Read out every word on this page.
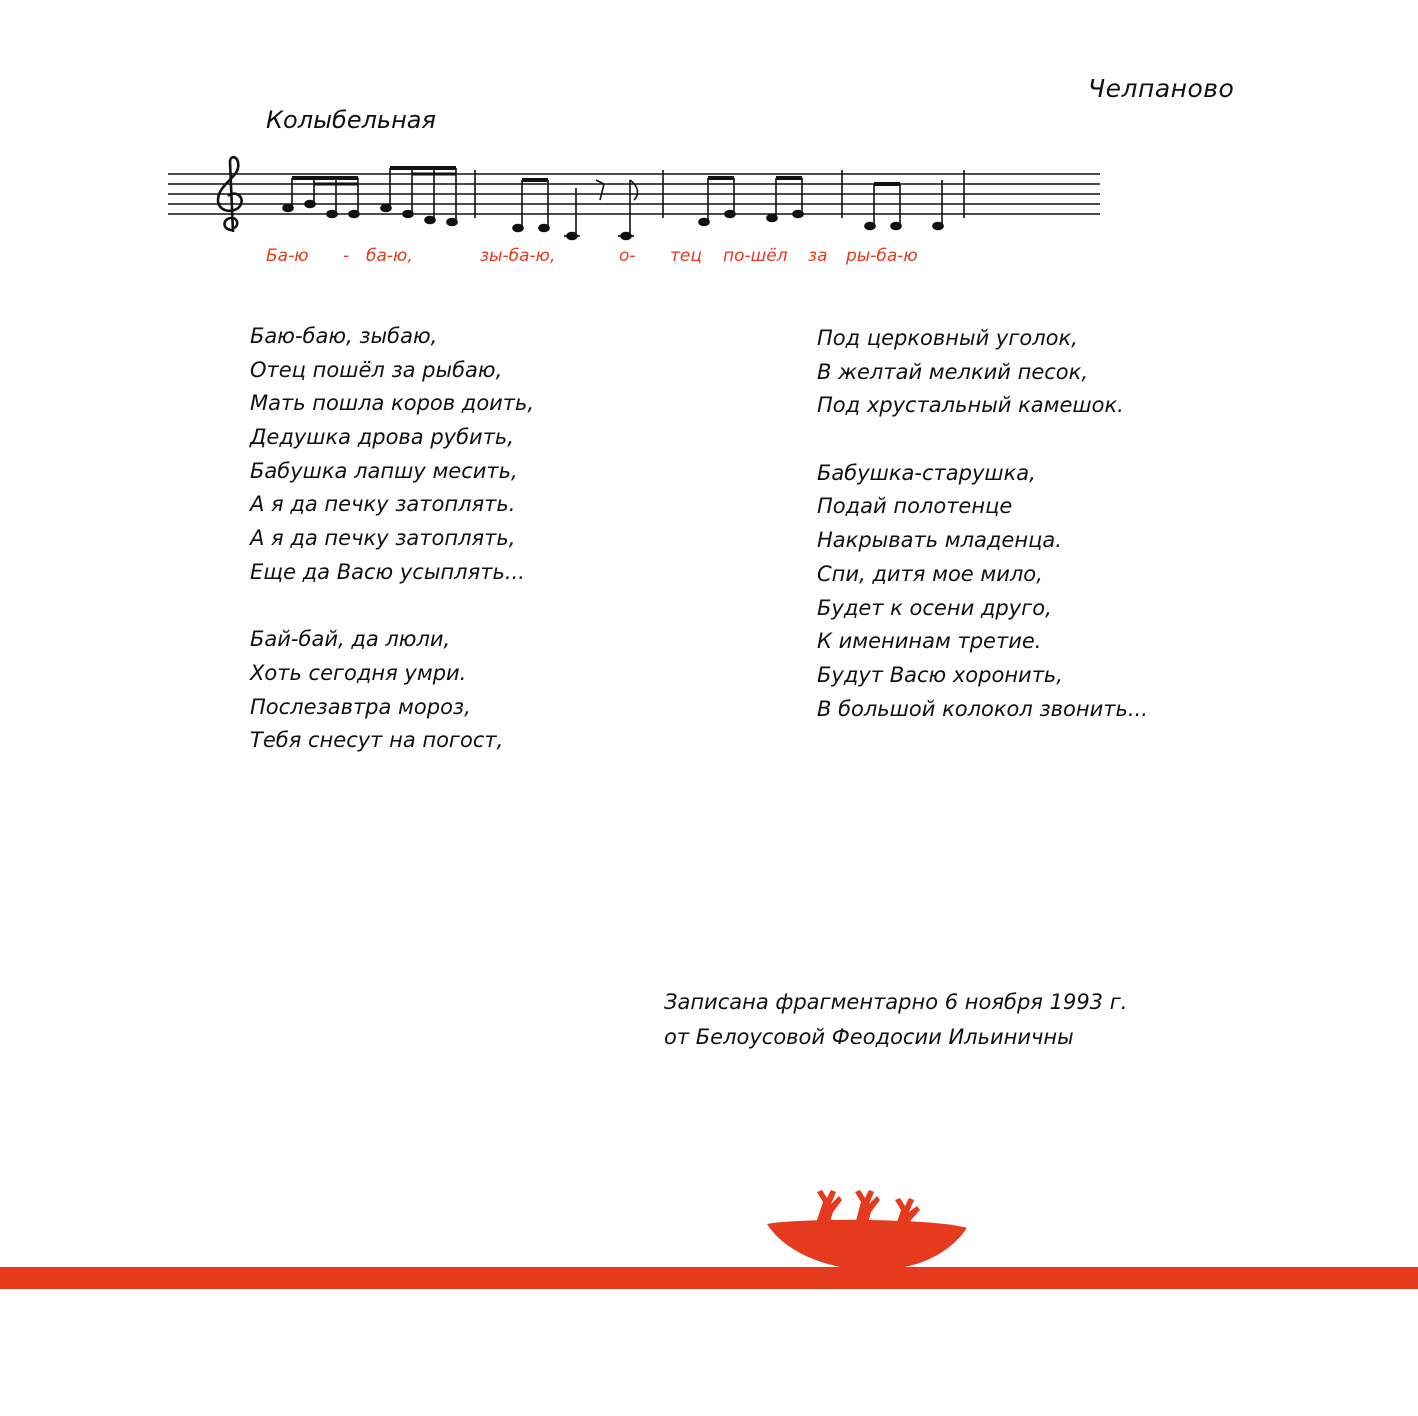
Челпаново
Колыбельная
Ба-ю - ба-ю,	зы-ба-ю,	о- тец по-шёл за ры-ба-ю
Баю-баю, зыбаю,
Отец пошёл за рыбаю,
Мать пошла коров доить,
Дедушка дрова рубить,
Бабушка лапшу месить,
А я да печку затоплять.
А я да печку затоплять,
Еще да Васю усыплять...
Бай-бай, да люли,
Хоть сегодня умри.
Послезавтра мороз,
Тебя снесут на погост,
Под церковный уголок,
В желтай мелкий песок,
Под хрустальный камешок.
Бабушка-старушка,
Подай полотенце
Накрывать младенца.
Спи, дитя мое мило,
Будет к осени друго,
К именинам третие.
Будут Васю хоронить,
В большой колокол звонить...
Записана фрагментарно 6 ноября 1993 г.
от Белоусовой Феодосии Ильиничны
